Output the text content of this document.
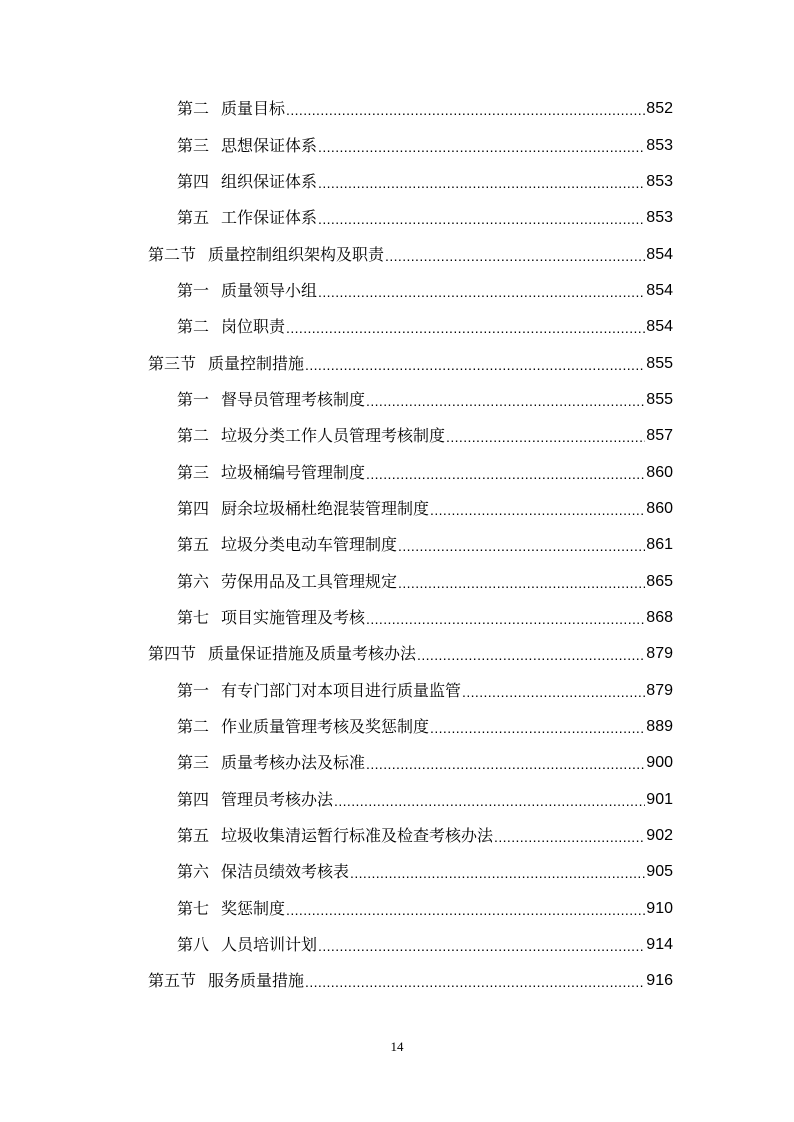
第二 质量目标 .....	852
第三 思想保证体系 .....	853
第四 组织保证体系 .....	853
第五 工作保证体系 .....	853
第二节 质量控制组织架构及职责 .....	854
第一 质量领导小组 .....	854
第二 岗位职责 .....	854
第三节 质量控制措施 .....	855
第一 督导员管理考核制度 .....	855
第二 垃圾分类工作人员管理考核制度 .....	857
第三 垃圾桶编号管理制度 .....	860
第四 厨余垃圾桶杜绝混装管理制度 .....	860
第五 垃圾分类电动车管理制度 .....	861
第六 劳保用品及工具管理规定 .....	865
第七 项目实施管理及考核 .....	868
第四节 质量保证措施及质量考核办法 .....	879
第一 有专门部门对本项目进行质量监管 .....	879
第二 作业质量管理考核及奖惩制度 .....	889
第三 质量考核办法及标准 .....	900
第四 管理员考核办法 .....	901
第五 垃圾收集清运暂行标准及检查考核办法 .....	902
第六 保洁员绩效考核表 .....	905
第七 奖惩制度 .....	910
第八 人员培训计划 .....	914
第五节 服务质量措施 .....	916
14
